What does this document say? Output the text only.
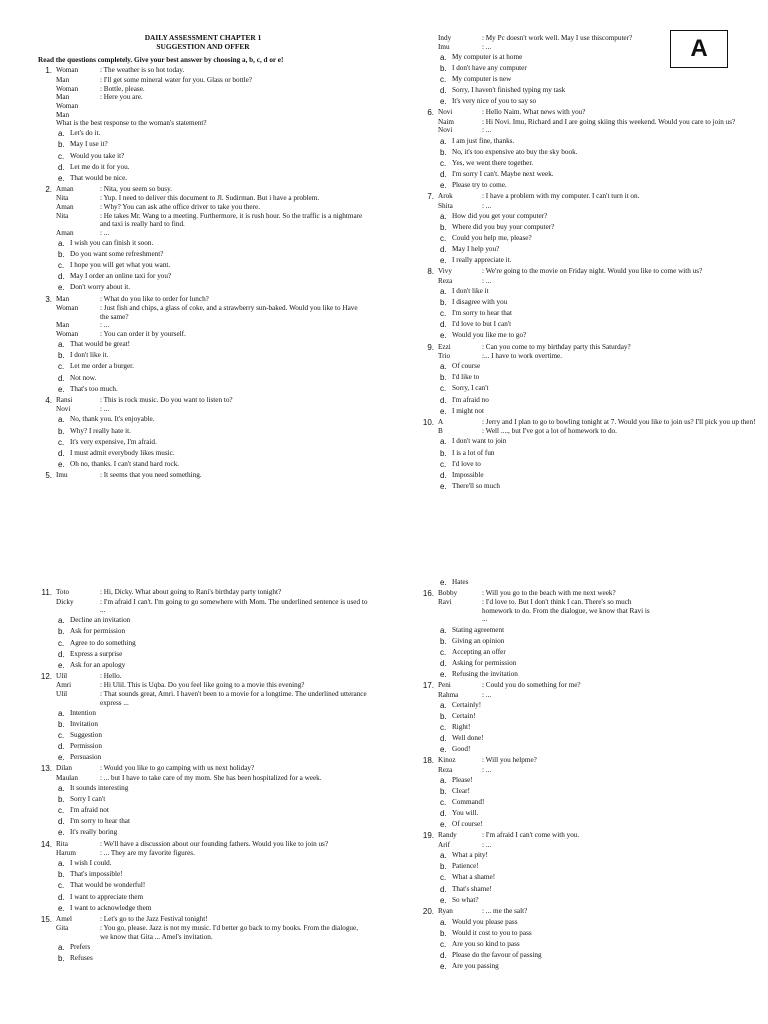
DAILY ASSESSMENT CHAPTER 1
SUGGESTION AND OFFER
Read the questions completely. Give your best answer by choosing a, b, c, d or e!
1. Woman	: The weather is so hot today.
Man	: I'll get some mineral water for you. Glass or bottle?
Woman	: Bottle, please.
Man	: Here you are.
Woman
Man
What is the best response to the woman's statement?
a. Let's do it.
b. May I use it?
c. Would you take it?
d. Let me do it for you.
e. That would be nice.
2. Aman	: Nita, you seem so busy.
Nita	: Yup. I need to deliver this document to Jl. Sudirman. But i have a problem.
Aman	: Why? You can ask athe office driver to take you there.
Nita	: He takes Mr. Wang to a meeting. Furthermore, it is rush hour. So the traffic is a nightmare and taxi is really hard to find.
Aman	: ...
a. I wish you can finish it soon.
b. Do you want some refreshment?
c. I hope you will get what you want.
d. May I order an online taxi for you?
e. Don't worry about it.
3. Man	: What do you like to order for lunch?
Woman	: Just fish and chips, a glass of coke, and a strawberry sun-baked. Would you like to Have the same?
Man	: ...
Woman	: You can order it by yourself.
a. That would be great!
b. I don't like it.
c. Let me order a burger.
d. Not now.
e. That's too much.
4. Ransi	: This is rock music. Do you want to listen to?
Novi	: ...
a. No, thank you. It's enjoyable.
b. Why? I really hate it.
c. It's very expensive, I'm afraid.
d. I must admit everybody likes music.
e. Oh no, thanks. I can't stand hard rock.
5. Imu	: It seems that you need something.
Indy	: My Pc doesn't work well. May I use thiscomputer?
Imu	: ...
a. My computer is at home
b. I don't have any computer
c. My computer is new
d. Sorry, I haven't finished typing my task
e. It's very nice of you to say so
6. Novi	: Hello Naim. What news with you?
Naim	: Hi Novi. Imu, Richard and I are going skiing this weekend. Would you care to join us?
Novi	: ...
a. I am just fine, thanks.
b. No, it's too expensive ato buy the sky book.
c. Yes, we went there together.
d. I'm sorry I can't. Maybe next week.
e. Please try to come.
7. Arok	: I have a problem with my computer. I can't turn it on.
Shita	: ...
a. How did you get your computer?
b. Where did you buy your computer?
c. Could you help me, please?
d. May I help you?
e. I really appreciate it.
8. Vivy	: We're going to the movie on Friday night. Would you like to come with us?
Reza	: ...
a. I don't like it
b. I disagree with you
c. I'm sorry to hear that
d. I'd love to but I can't
e. Would you like me to go?
9. Ezzi	: Can you come to my birthday party this Saturday?
Trio	:... I have to work overtime.
a. Of course
b. I'd like to
c. Sorry, I can't
d. I'm afraid no
e. I might not
10. A	: Jerry and I plan to go to bowling tonight at 7. Would you like to join us? I'll pick you up then!
B	: Well ...., but I've got a lot of homework to do.
a. I don't want to join
b. I is a lot of fun
c. I'd love to
d. Impossible
e. There'll so much
A
11. Toto	: Hi, Dicky. What about going to Rani's birthday party tonight?
Dicky	: I'm afraid I can't. I'm going to go somewhere with Mom. The underlined sentence is used to ...
a. Decline an invitation
b. Ask for permission
c. Agree to do something
d. Express a surprise
e. Ask for an apology
12. Ulil	: Hello.
Amri	: Hi Ulil. This is Uqba. Do you feel like going to a movie this evening?
Ulil	: That sounds great, Amri. I haven't been to a movie for a longtime. The underlined utterance express ...
a. Intention
b. Invitation
c. Suggestion
d. Permission
e. Persuasion
13. Dilan	: Would you like to go camping with us next holiday?
Maulan	: ... but I have to take care of my mom. She has been hospitalized for a week.
a. It sounds interesting
b. Sorry I can't
c. I'm afraid not
d. I'm sorry to hear that
e. It's really boring
14. Rita	: We'll have a discussion about our founding fathers. Would you like to join us?
Harum	: ... They are my favorite figures.
a. I wish I could.
b. That's impossible!
c. That would be wonderful!
d. I want to appreciate them
e. I want to acknowledge them
15. Amel	: Let's go to the Jazz Festival tonight!
Gita	: You go, please. Jazz is not my music. I'd better go back to my books. From the dialogue, we know that Gita ... Amel's invitation.
a. Prefers
b. Refuses
e. Hates
16. Bobby	: Will you go to the beach with me next week?
Ravi	: I'd love to. But I don't think I can. There's so much homework to do. From the dialogue, we know that Ravi is ...
a. Stating agreement
b. Giving an opinion
c. Accepting an offer
d. Asking for permission
e. Refusing the invitation
17. Peni	: Could you do something for me?
Rahma	: ...
a. Certainly!
b. Certain!
c. Right!
d. Well done!
e. Good!
18. Kinoz	: Will you helpme?
Reza	: ...
a. Please!
b. Clear!
c. Command!
d. You will.
e. Of course!
19. Randy	: I'm afraid I can't come with you.
Arif	: ...
a. What a pity!
b. Patience!
c. What a shame!
d. That's shame!
e. So what?
20. Ryan	: ... me the salt?
a. Would you please pass
b. Would it cost to you to pass
c. Are you so kind to pass
d. Please do the favour of passing
e. Are you passing
